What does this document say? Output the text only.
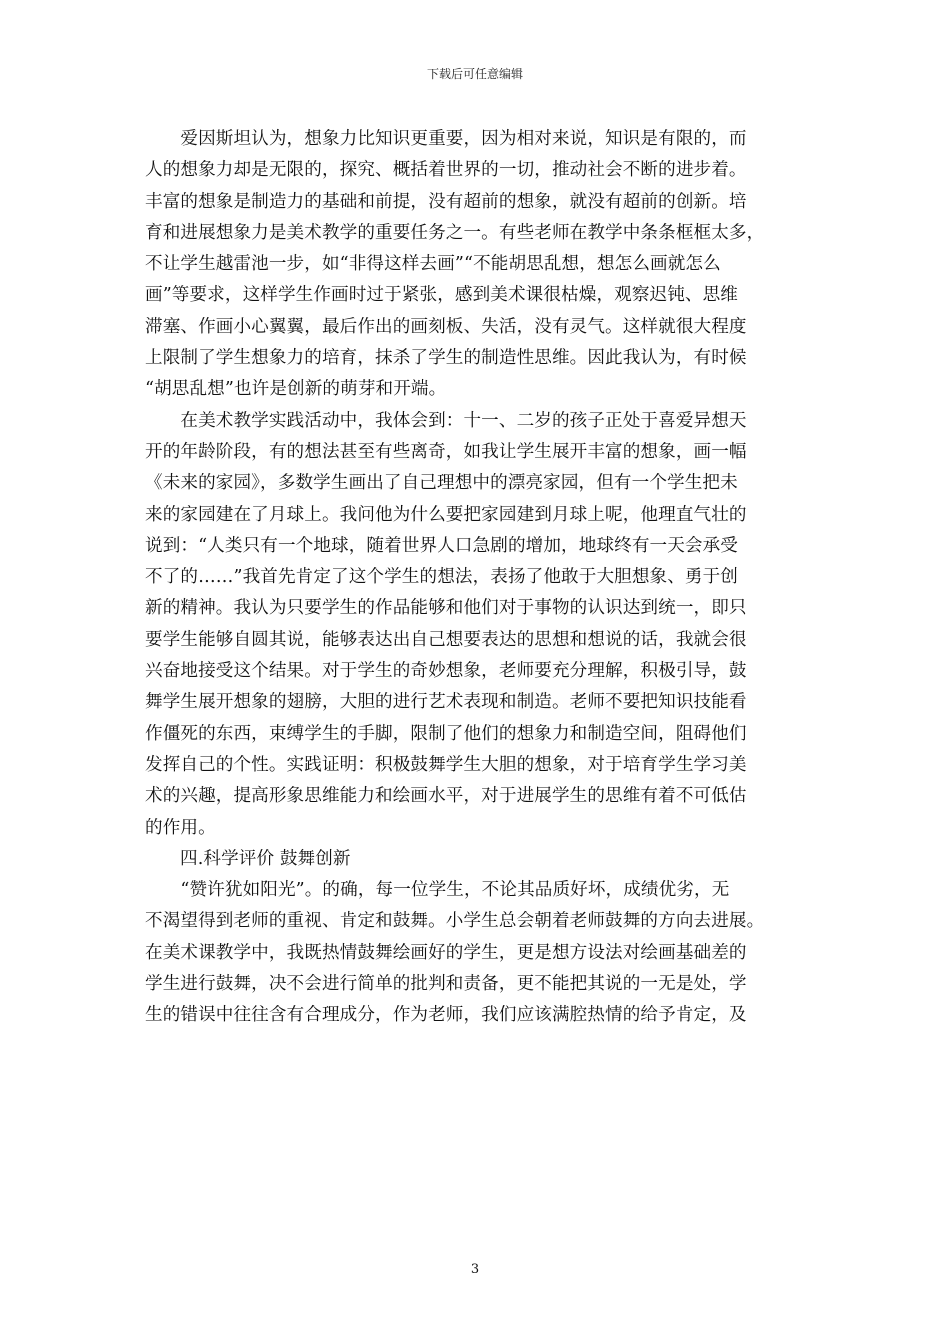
下载后可任意编辑
　　爱因斯坦认为，想象力比知识更重要，因为相对来说，知识是有限的，而
人的想象力却是无限的，探究、概括着世界的一切，推动社会不断的进步着。
丰富的想象是制造力的基础和前提，没有超前的想象，就没有超前的创新。培
育和进展想象力是美术教学的重要任务之一。有些老师在教学中条条框框太多，
不让学生越雷池一步，如“非得这样去画”“不能胡思乱想，想怎么画就怎么
画”等要求，这样学生作画时过于紧张，感到美术课很枯燥，观察迟钝、思维
滞塞、作画小心翼翼，最后作出的画刻板、失活，没有灵气。这样就很大程度
上限制了学生想象力的培育，抹杀了学生的制造性思维。因此我认为，有时候
“胡思乱想”也许是创新的萌芽和开端。
　　在美术教学实践活动中，我体会到：十一、二岁的孩子正处于喜爱异想天
开的年龄阶段，有的想法甚至有些离奇，如我让学生展开丰富的想象，画一幅
《未来的家园》，多数学生画出了自己理想中的漂亮家园，但有一个学生把未
来的家园建在了月球上。我问他为什么要把家园建到月球上呢，他理直气壮的
说到：“人类只有一个地球，随着世界人口急剧的增加，地球终有一天会承受
不了的……”我首先肯定了这个学生的想法，表扬了他敢于大胆想象、勇于创
新的精神。我认为只要学生的作品能够和他们对于事物的认识达到统一，即只
要学生能够自圆其说，能够表达出自己想要表达的思想和想说的话，我就会很
兴奋地接受这个结果。对于学生的奇妙想象，老师要充分理解，积极引导，鼓
舞学生展开想象的翅膀，大胆的进行艺术表现和制造。老师不要把知识技能看
作僵死的东西，束缚学生的手脚，限制了他们的想象力和制造空间，阻碍他们
发挥自己的个性。实践证明：积极鼓舞学生大胆的想象，对于培育学生学习美
术的兴趣，提高形象思维能力和绘画水平，对于进展学生的思维有着不可低估
的作用。
四.科学评价 鼓舞创新
　　“赞许犹如阳光”。的确，每一位学生，不论其品质好坏，成绩优劣，无
不渴望得到老师的重视、肯定和鼓舞。小学生总会朝着老师鼓舞的方向去进展。
在美术课教学中，我既热情鼓舞绘画好的学生，更是想方设法对绘画基础差的
学生进行鼓舞，决不会进行简单的批判和责备，更不能把其说的一无是处，学
生的错误中往往含有合理成分，作为老师，我们应该满腔热情的给予肯定，及
3
